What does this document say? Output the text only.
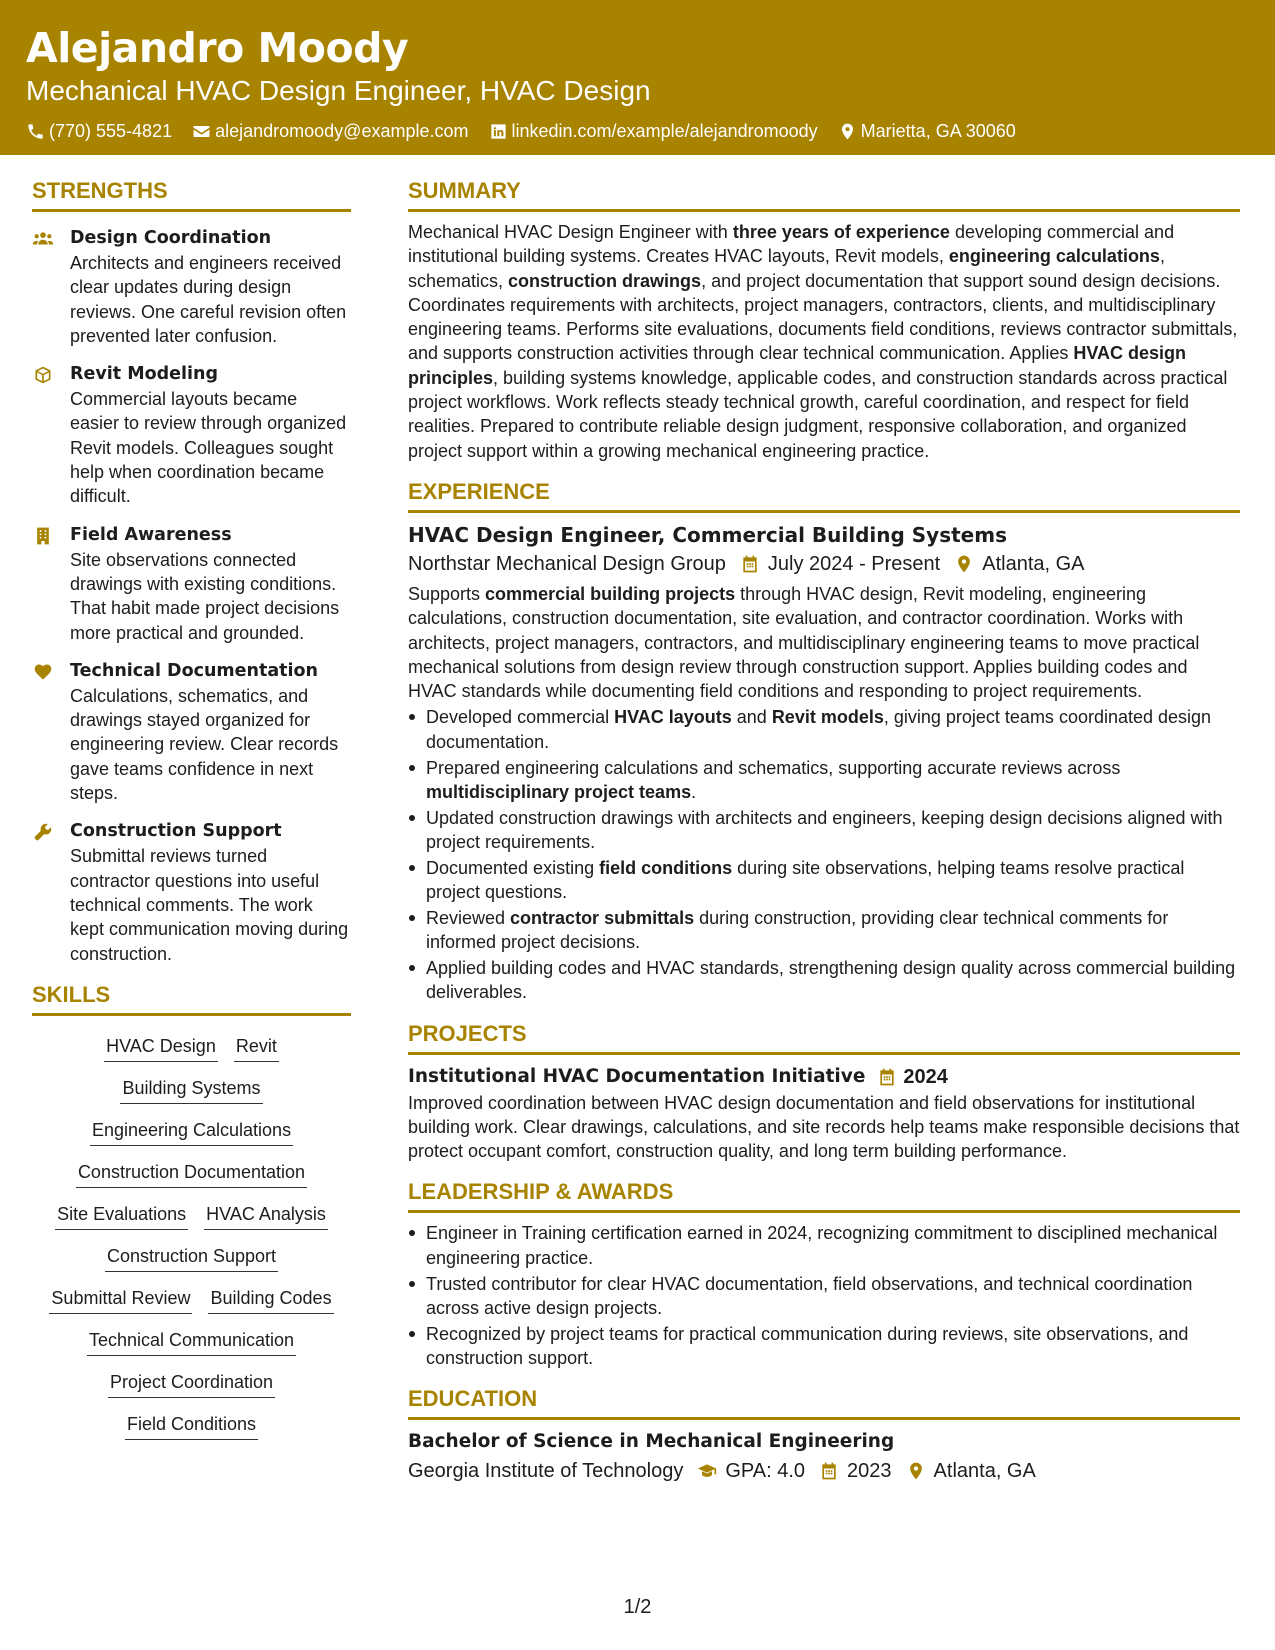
Alejandro Moody
Mechanical HVAC Design Engineer, HVAC Design
(770) 555-4821 alejandromoody@example.com linkedin.com/example/alejandromoody Marietta, GA 30060
STRENGTHS
Design Coordination
Architects and engineers received clear updates during design reviews. One careful revision often prevented later confusion.
Revit Modeling
Commercial layouts became easier to review through organized Revit models. Colleagues sought help when coordination became difficult.
Field Awareness
Site observations connected drawings with existing conditions. That habit made project decisions more practical and grounded.
Technical Documentation
Calculations, schematics, and drawings stayed organized for engineering review. Clear records gave teams confidence in next steps.
Construction Support
Submittal reviews turned contractor questions into useful technical comments. The work kept communication moving during construction.
SKILLS
HVAC Design Revit
Building Systems
Engineering Calculations
Construction Documentation
Site Evaluations HVAC Analysis
Construction Support
Submittal Review Building Codes
Technical Communication
Project Coordination
Field Conditions
SUMMARY
Mechanical HVAC Design Engineer with three years of experience developing commercial and institutional building systems. Creates HVAC layouts, Revit models, engineering calculations, schematics, construction drawings, and project documentation that support sound design decisions. Coordinates requirements with architects, project managers, contractors, clients, and multidisciplinary engineering teams. Performs site evaluations, documents field conditions, reviews contractor submittals, and supports construction activities through clear technical communication. Applies HVAC design principles, building systems knowledge, applicable codes, and construction standards across practical project workflows. Work reflects steady technical growth, careful coordination, and respect for field realities. Prepared to contribute reliable design judgment, responsive collaboration, and organized project support within a growing mechanical engineering practice.
EXPERIENCE
HVAC Design Engineer, Commercial Building Systems
Northstar Mechanical Design Group July 2024 - Present Atlanta, GA
Supports commercial building projects through HVAC design, Revit modeling, engineering calculations, construction documentation, site evaluation, and contractor coordination. Works with architects, project managers, contractors, and multidisciplinary engineering teams to move practical mechanical solutions from design review through construction support. Applies building codes and HVAC standards while documenting field conditions and responding to project requirements.
Developed commercial HVAC layouts and Revit models, giving project teams coordinated design documentation.
Prepared engineering calculations and schematics, supporting accurate reviews across multidisciplinary project teams.
Updated construction drawings with architects and engineers, keeping design decisions aligned with project requirements.
Documented existing field conditions during site observations, helping teams resolve practical project questions.
Reviewed contractor submittals during construction, providing clear technical comments for informed project decisions.
Applied building codes and HVAC standards, strengthening design quality across commercial building deliverables.
PROJECTS
Institutional HVAC Documentation Initiative 2024
Improved coordination between HVAC design documentation and field observations for institutional building work. Clear drawings, calculations, and site records help teams make responsible decisions that protect occupant comfort, construction quality, and long term building performance.
LEADERSHIP & AWARDS
Engineer in Training certification earned in 2024, recognizing commitment to disciplined mechanical engineering practice.
Trusted contributor for clear HVAC documentation, field observations, and technical coordination across active design projects.
Recognized by project teams for practical communication during reviews, site observations, and construction support.
EDUCATION
Bachelor of Science in Mechanical Engineering
Georgia Institute of Technology GPA: 4.0 2023 Atlanta, GA
1/2
